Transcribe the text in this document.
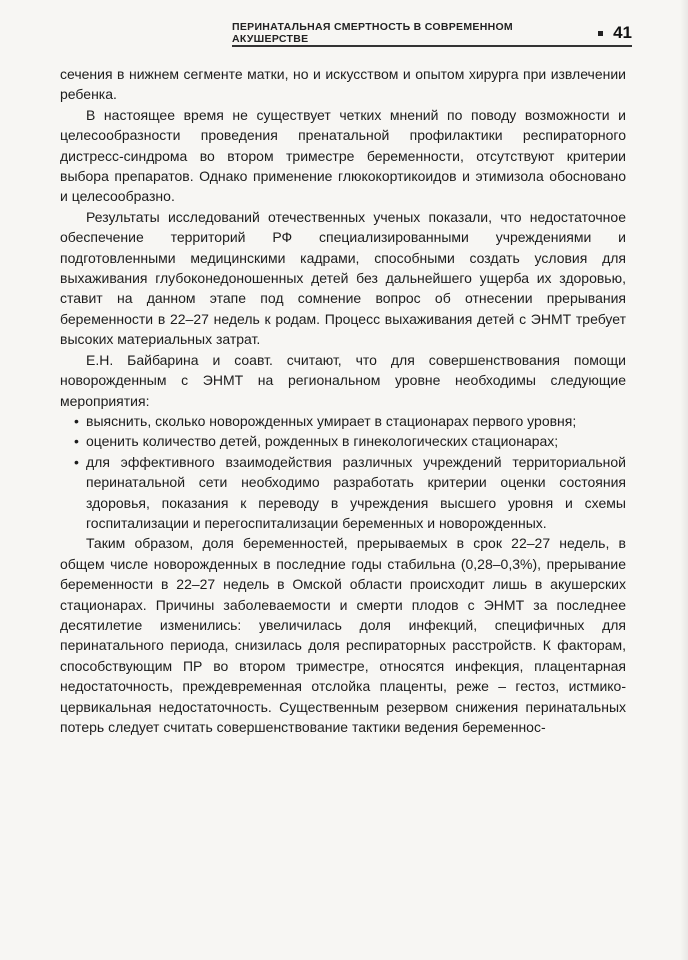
ПЕРИНАТАЛЬНАЯ СМЕРТНОСТЬ В СОВРЕМЕННОМ АКУШЕРСТВЕ	41

сечения в нижнем сегменте матки, но и искусством и опытом хирурга при извлечении ребенка.

В настоящее время не существует четких мнений по поводу возможности и целесообразности проведения пренатальной профилактики респираторного дистресс-синдрома во втором триместре беременности, отсутствуют критерии выбора препаратов. Однако применение глюкокортикоидов и этимизола обосновано и целесообразно.

Результаты исследований отечественных ученых показали, что недостаточное обеспечение территорий РФ специализированными учреждениями и подготовленными медицинскими кадрами, способными создать условия для выхаживания глубоконедоношенных детей без дальнейшего ущерба их здоровью, ставит на данном этапе под сомнение вопрос об отнесении прерывания беременности в 22–27 недель к родам. Процесс выхаживания детей с ЭНМТ требует высоких материальных затрат.

Е.Н. Байбарина и соавт. считают, что для совершенствования помощи новорожденным с ЭНМТ на региональном уровне необходимы следующие мероприятия:

• выяснить, сколько новорожденных умирает в стационарах первого уровня;
• оценить количество детей, рожденных в гинекологических стационарах;
• для эффективного взаимодействия различных учреждений территориальной перинатальной сети необходимо разработать критерии оценки состояния здоровья, показания к переводу в учреждения высшего уровня и схемы госпитализации и перегоспитализации беременных и новорожденных.

Таким образом, доля беременностей, прерываемых в срок 22–27 недель, в общем числе новорожденных в последние годы стабильна (0,28–0,3%), прерывание беременности в 22–27 недель в Омской области происходит лишь в акушерских стационарах. Причины заболеваемости и смерти плодов с ЭНМТ за последнее десятилетие изменились: увеличилась доля инфекций, специфичных для перинатального периода, снизилась доля респираторных расстройств. К факторам, способствующим ПР во втором триместре, относятся инфекция, плацентарная недостаточность, преждевременная отслойка плаценты, реже – гестоз, истмико-цервикальная недостаточность. Существенным резервом снижения перинатальных потерь следует считать совершенствование тактики ведения беременнос-
